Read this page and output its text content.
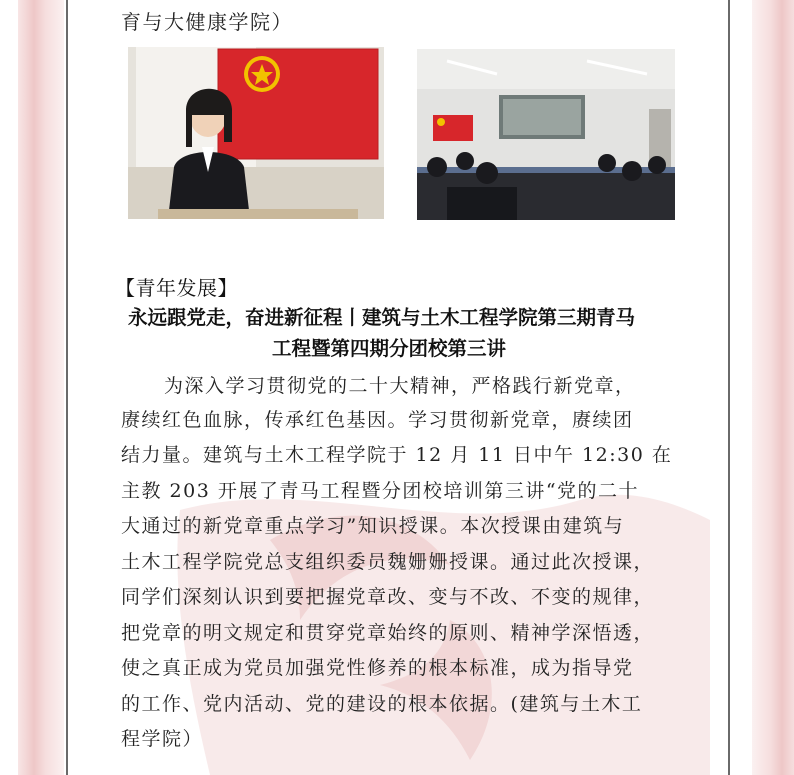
育与大健康学院）
【青年发展】
永远跟党走，奋进新征程丨建筑与土木工程学院第三期青马
工程暨第四期分团校第三讲
为深入学习贯彻党的二十大精神，严格践行新党章，
赓续红色血脉，传承红色基因。学习贯彻新党章，赓续团
结力量。建筑与土木工程学院于 12 月 11 日中午 12:30 在
主教 203 开展了青马工程暨分团校培训第三讲“党的二十
大通过的新党章重点学习”知识授课。本次授课由建筑与
土木工程学院党总支组织委员魏姗姗授课。通过此次授课，
同学们深刻认识到要把握党章改、变与不改、不变的规律，
把党章的明文规定和贯穿党章始终的原则、精神学深悟透，
使之真正成为党员加强党性修养的根本标准，成为指导党
的工作、党内活动、党的建设的根本依据。(建筑与土木工
程学院）
